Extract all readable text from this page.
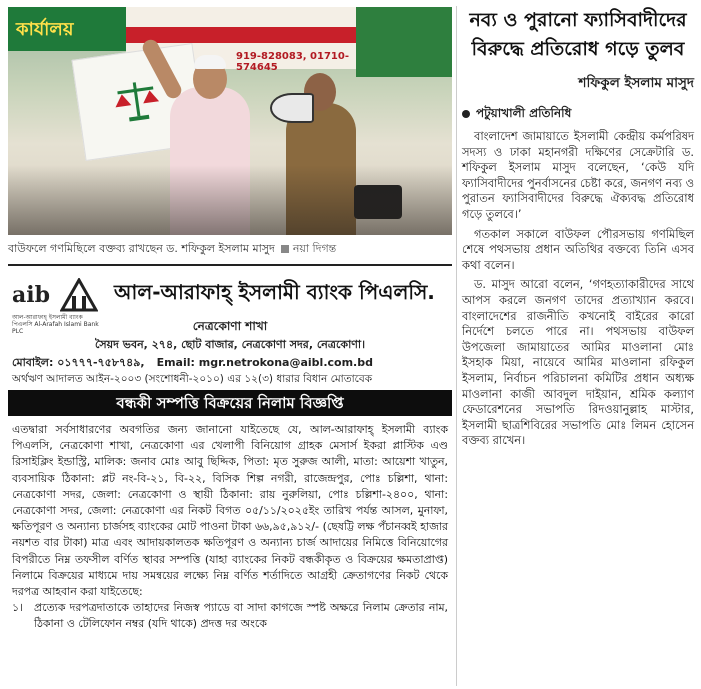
কার্যালয়
919-828083, 01710-574645
বাউফলে গণমিছিলে বক্তব্য রাখছেন ড. শফিকুল ইসলাম মাসুদ নয়া দিগন্ত
aib
আল-আরাফাহ্ ইসলামী ব্যাংক পিএলসি Al-Arafah Islami Bank PLC
আল-আরাফাহ্ ইসলামী ব্যাংক পিএলসি.
নেত্রকোণা শাখা
সৈয়দ ভবন, ২৭৪, ছোট বাজার, নেত্রকোণা সদর, নেত্রকোণা।
মোবাইল: ০১৭৭৭-৭৫৮৭৪৯, Email: mgr.netrokona@aibl.com.bd
অর্থঋণ আদালত আইন-২০০৩ (সংশোধনী-২০১০) এর ১২(৩) ধারার বিধান মোতাবেক
বন্ধকী সম্পত্তি বিক্রয়ের নিলাম বিজ্ঞপ্তি

এতদ্বারা সর্বসাধারণের অবগতির জন্য জানানো যাইতেছে যে, আল-আরাফাহ্ ইসলামী ব্যাংক পিএলসি, নেত্রকোণা শাখা, নেত্রকোণা এর খেলাপী বিনিয়োগ গ্রাহক মেসার্স ইকরা প্লাস্টিক এণ্ড রিসাইক্লিং ইন্ডাস্ট্রি, মালিক: জনাব মোঃ আবু ছিদ্দিক, পিতা: মৃত সুরুজ আলী, মাতা: আয়েশা খাতুন, ব্যবসায়িক ঠিকানা: প্লট নং-বি-২১, বি-২২, বিসিক শিল্প নগরী, রাজেন্দ্রপুর, পোঃ চল্লিশা, থানা: নেত্রকোণা সদর, জেলা: নেত্রকোণা ও স্থায়ী ঠিকানা: রায় নুরুলিয়া, পোঃ চল্লিশা-২৪০০, থানা: নেত্রকোণা সদর, জেলা: নেত্রকোণা এর নিকট বিগত ০৫/১১/২০২৫ইং তারিখ পর্যন্ত আসল, মুনাফা, ক্ষতিপূরণ ও অন্যান্য চার্জসহ ব্যাংকের মোট পাওনা টাকা ৬৬,৯৫,৯১২/- (ছেষট্টি লক্ষ পঁচানব্বই হাজার নয়শত বার টাকা) মাত্র এবং আদায়কালতক ক্ষতিপূরণ ও অন্যান্য চার্জ আদায়ের নিমিত্তে বিনিয়োগের বিপরীতে নিম্ন তফসীল বর্ণিত স্থাবর সম্পত্তি (যাহা ব্যাংকের নিকট বন্ধকীকৃত ও বিক্রয়ের ক্ষমতাপ্রাপ্ত) নিলামে বিক্রয়ের মাধ্যমে দায় সমন্বয়ের লক্ষ্যে নিম্ন বর্ণিত শর্তাদিতে আগ্রহী ক্রেতাগণের নিকট থেকে দরপত্র আহবান করা যাইতেছে:

১।	প্রত্যেক দরপত্রদাতাকে তাহাদের নিজস্ব প্যাডে বা সাদা কাগজে স্পষ্ট অক্ষরে নিলাম ক্রেতার নাম, ঠিকানা ও টেলিফোন নম্বর (যদি থাকে) প্রদত্ত দর অংকে
নব্য ও পুরানো ফ্যাসিবাদীদের বিরুদ্ধে প্রতিরোধ গড়ে তুলব
শফিকুল ইসলাম মাসুদ
পটুয়াখালী প্রতিনিধি

বাংলাদেশ জামায়াতে ইসলামী কেন্দ্রীয় কর্মপরিষদ সদস্য ও ঢাকা মহানগরী দক্ষিণের সেক্রেটারি ড. শফিকুল ইসলাম মাসুদ বলেছেন, ‘কেউ যদি ফ্যাসিবাদীদের পুনর্বাসনের চেষ্টা করে, জনগণ নব্য ও পুরাতন ফ্যাসিবাদীদের বিরুদ্ধে ঐক্যবদ্ধ প্রতিরোধ গড়ে তুলবে।’

গতকাল সকালে বাউফল পৌরসভায় গণমিছিল শেষে পথসভায় প্রধান অতিথির বক্তব্যে তিনি এসব কথা বলেন।

ড. মাসুদ আরো বলেন, ‘গণহত্যাকারীদের সাথে আপস করলে জনগণ তাদের প্রত্যাখ্যান করবে। বাংলাদেশের রাজনীতি কখনোই বাইরের কারো নির্দেশে চলতে পারে না। পথসভায় বাউফল উপজেলা জামায়াতের আমির মাওলানা মোঃ ইসহাক মিয়া, নায়েবে আমির মাওলানা রফিকুল ইসলাম, নির্বাচন পরিচালনা কমিটির প্রধান অধ্যক্ষ মাওলানা কাজী আবদুল দাইয়ান, শ্রমিক কল্যাণ ফেডারেশনের সভাপতি রিদওয়ানুল্লাহ মাস্টার, ইসলামী ছাত্রশিবিরের সভাপতি মোঃ লিমন হোসেন বক্তব্য রাখেন।
